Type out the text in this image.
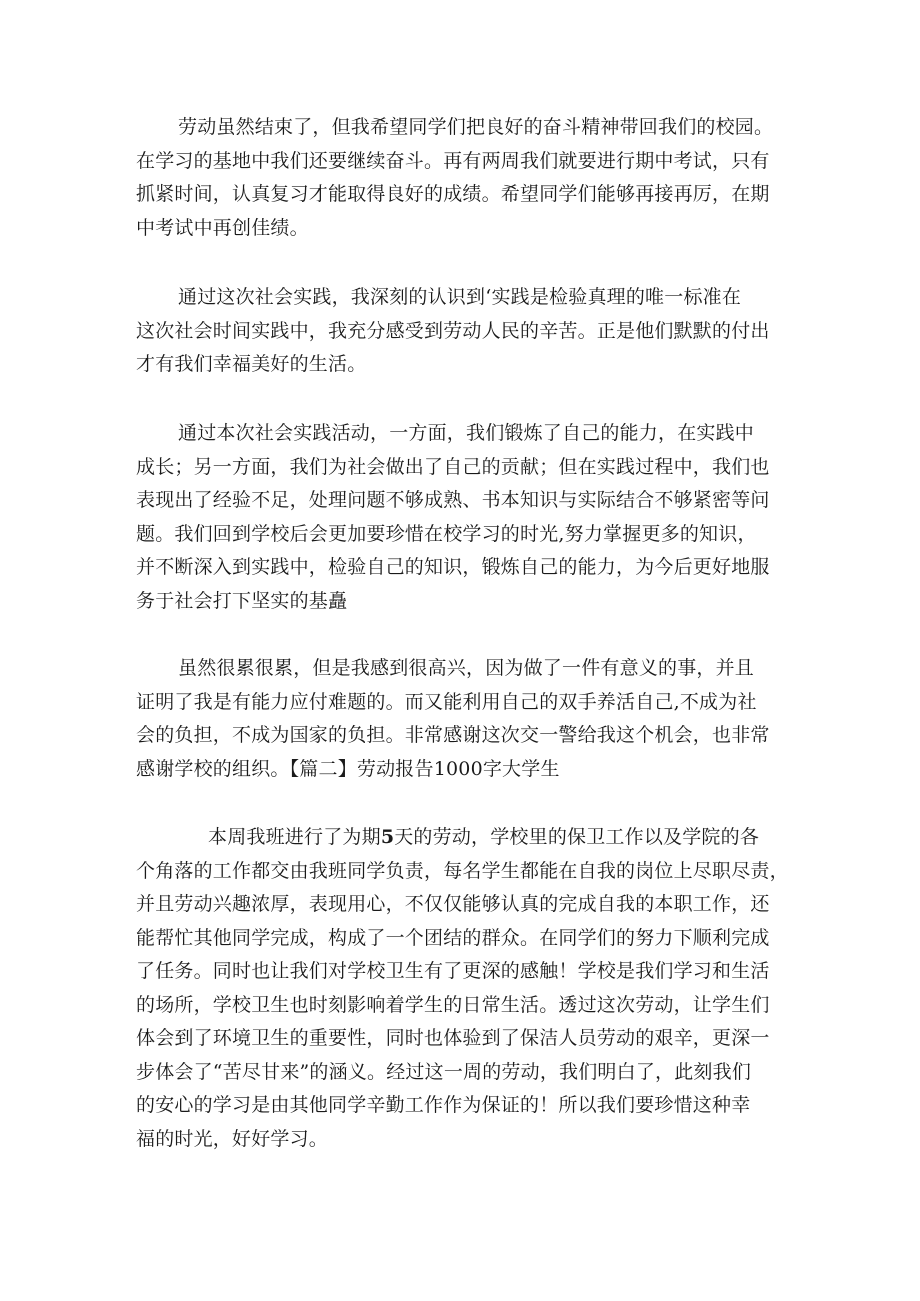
劳动虽然结束了，但我希望同学们把良好的奋斗精神带回我们的校园。
在学习的基地中我们还要继续奋斗。再有两周我们就要进行期中考试，只有
抓紧时间，认真复习才能取得良好的成绩。希望同学们能够再接再厉，在期
中考试中再创佳绩。

通过这次社会实践，我深刻的认识到‘实践是检验真理的唯一标准在
这次社会时间实践中，我充分感受到劳动人民的辛苦。正是他们默默的付出
才有我们幸福美好的生活。

通过本次社会实践活动，一方面，我们锻炼了自己的能力，在实践中
成长；另一方面，我们为社会做出了自己的贡献；但在实践过程中，我们也
表现出了经验不足，处理问题不够成熟、书本知识与实际结合不够紧密等问
题。我们回到学校后会更加要珍惜在校学习的时光,努力掌握更多的知识，
并不断深入到实践中，检验自己的知识，锻炼自己的能力，为今后更好地服
务于社会打下坚实的基矗

虽然很累很累，但是我感到很高兴，因为做了一件有意义的事，并且
证明了我是有能力应付难题的。而又能利用自己的双手养活自己,不成为社
会的负担，不成为国家的负担。非常感谢这次交一警给我这个机会，也非常
感谢学校的组织。【篇二】劳动报告1000字大学生

本周我班进行了为期5天的劳动，学校里的保卫工作以及学院的各
个角落的工作都交由我班同学负责，每名学生都能在自我的岗位上尽职尽责，
并且劳动兴趣浓厚，表现用心，不仅仅能够认真的完成自我的本职工作，还
能帮忙其他同学完成，构成了一个团结的群众。在同学们的努力下顺利完成
了任务。同时也让我们对学校卫生有了更深的感触！学校是我们学习和生活
的场所，学校卫生也时刻影响着学生的日常生活。透过这次劳动，让学生们
体会到了环境卫生的重要性，同时也体验到了保洁人员劳动的艰辛，更深一
步体会了“苦尽甘来”的涵义。经过这一周的劳动，我们明白了，此刻我们
的安心的学习是由其他同学辛勤工作作为保证的！所以我们要珍惜这种幸
福的时光，好好学习。
